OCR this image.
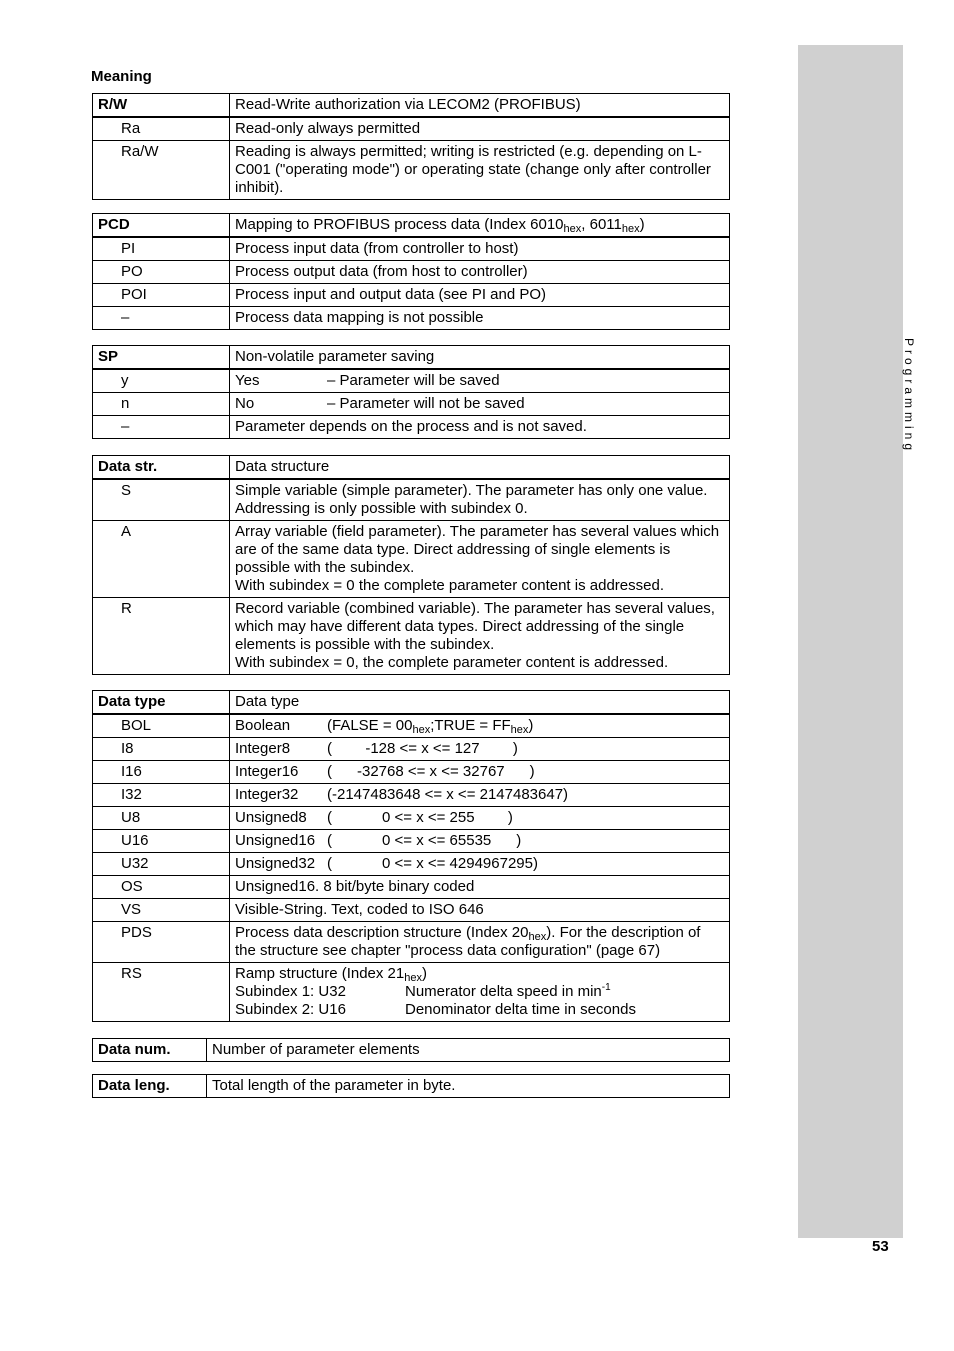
Programming
53
Meaning
R/W	Read-Write authorization via LECOM2 (PROFIBUS)
Ra	Read-only always permitted
Ra/W	Reading is always permitted; writing is restricted (e.g. depending on L-C001 ("operating mode") or operating state (change only after controller inhibit).
PCD	Mapping to PROFIBUS process data (Index $6010_{hex}$, $6011_{hex}$)
PI	Process input data (from controller to host)
PO	Process output data (from host to controller)
POI	Process input and output data (see PI and PO)
–	Process data mapping is not possible
SP	Non-volatile parameter saving
y	Yes – Parameter will be saved
n	No – Parameter will not be saved
–	Parameter depends on the process and is not saved.
Data str.	Data structure
S	Simple variable (simple parameter). The parameter has only one value. Addressing is only possible with subindex 0.

A	Array variable (field parameter). The parameter has several values which are of the same data type. Direct addressing of single elements is possible with the subindex.
With subindex = 0 the complete parameter content is addressed.

R	Record variable (combined variable). The parameter has several values, which may have different data types. Direct addressing of the single elements is possible with the subindex.
With subindex = 0, the complete parameter content is addressed.
Data type	Data type
BOL	Boolean (FALSE = $00_{hex};TRUE = FF_{hex}$)
I8	Integer8 (        -128 <= x <= 127        )
I16	Integer16 (      -32768 <= x <= 32767      )
I32	Integer32 (-2147483648 <= x <= 2147483647)
U8	Unsigned8 (            0 <= x <= 255        )
U16	Unsigned16 (            0 <= x <= 65535      )
U32	Unsigned32 (            0 <= x <= 4294967295)
OS	Unsigned16. 8 bit/byte binary coded
VS	Visible-String. Text, coded to ISO 646
PDS	Process data description structure (Index $20_{hex}$). For the description of the structure see chapter "process data configuration" (page 67)
RS	Ramp structure (Index $21_{hex}$)
Subindex 1: U32 Numerator delta speed in $\min^{-1}$
Subindex 2: U16 Denominator delta time in seconds
Data num.	Number of parameter elements
Data leng.	Total length of the parameter in byte.
